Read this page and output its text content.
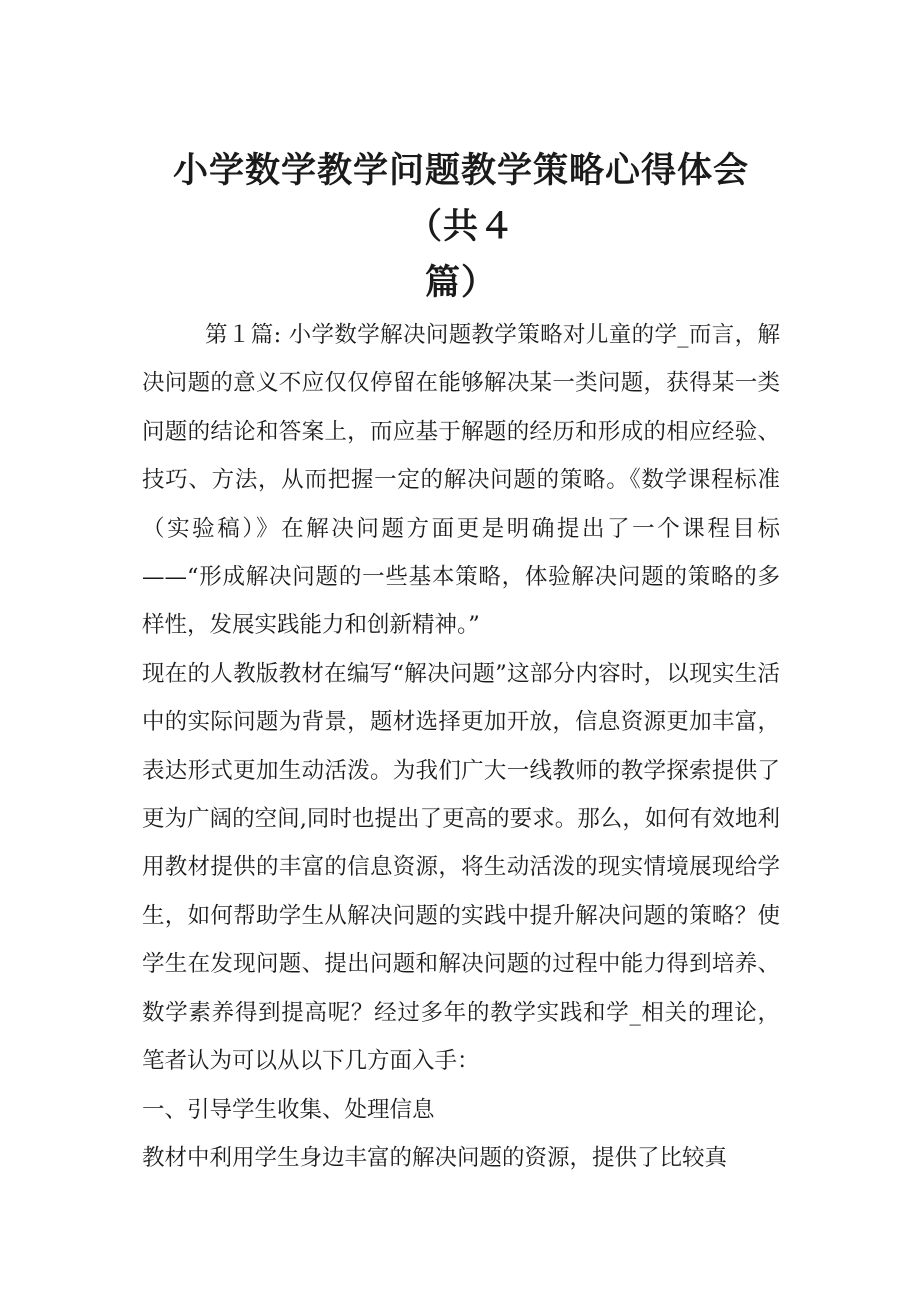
小学数学教学问题教学策略心得体会（共４
篇）

第１篇: 小学数学解决问题教学策略对儿童的学_而言，解决问题的意义不应仅仅停留在能够解决某一类问题，获得某一类问题的结论和答案上，而应基于解题的经历和形成的相应经验、技巧、方法，从而把握一定的解决问题的策略。《数学课程标准（实验稿）》在解决问题方面更是明确提出了一个课程目标——“形成解决问题的一些基本策略，体验解决问题的策略的多样性，发展实践能力和创新精神。”

现在的人教版教材在编写“解决问题”这部分内容时，以现实生活中的实际问题为背景，题材选择更加开放，信息资源更加丰富，表达形式更加生动活泼。为我们广大一线教师的教学探索提供了更为广阔的空间,同时也提出了更高的要求。那么，如何有效地利用教材提供的丰富的信息资源，将生动活泼的现实情境展现给学生，如何帮助学生从解决问题的实践中提升解决问题的策略？使学生在发现问题、提出问题和解决问题的过程中能力得到培养、数学素养得到提高呢？经过多年的教学实践和学_相关的理论，笔者认为可以从以下几方面入手：

一、引导学生收集、处理信息

教材中利用学生身边丰富的解决问题的资源，提供了比较真
